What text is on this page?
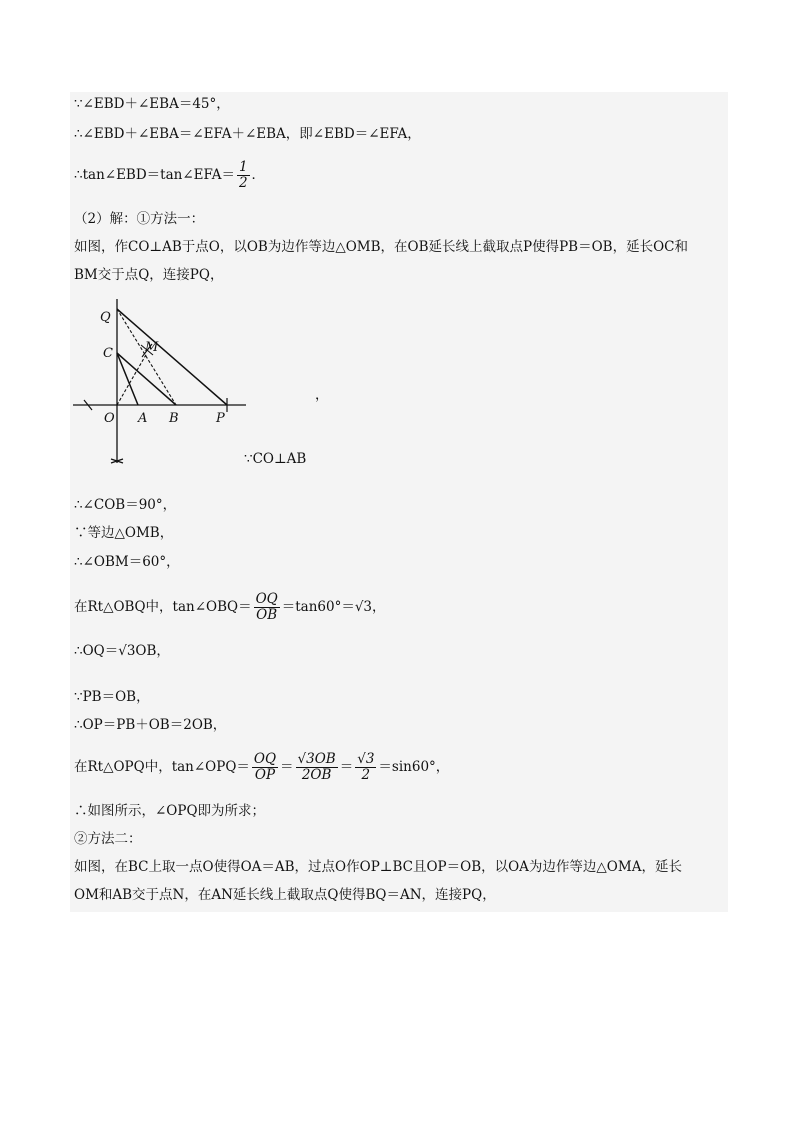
∵∠EBD＋∠EBA＝45°，
∴∠EBD＋∠EBA＝∠EFA＋∠EBA，即∠EBD＝∠EFA，
∴tan∠EBD＝tan∠EFA＝ $\frac{1}{2}$ ．
（2）解：①方法一：
如图，作CO⊥AB于点O，以OB为边作等边△OMB，在OB延长线上截取点P使得PB＝OB，延长OC和
BM交于点Q，连接PQ，
Q
C M
O A B	P
，
∵CO⊥AB
∴∠COB＝90°，
∵等边△OMB，
∴∠OBM＝60°，
在Rt△OBQ中，tan∠OBQ＝ $\frac{OQ}{OB} =\tan 60^\circ=√3$，
∴OQ＝√3OB，
∵PB＝OB，
∴OP＝PB＋OB＝2OB，
在Rt△OPQ中，tan∠OPQ＝ $\frac{OQ}{OP} = \frac{√3OB}{2OB} = \frac{√3}{2} =\sin 60^\circ$，
∴如图所示，∠OPQ即为所求；
②方法二：
如图，在BC上取一点O使得OA＝AB，过点O作OP⊥BC且OP＝OB，以OA为边作等边△OMA，延长
OM和AB交于点N，在AN延长线上截取点Q使得BQ＝AN，连接PQ，
